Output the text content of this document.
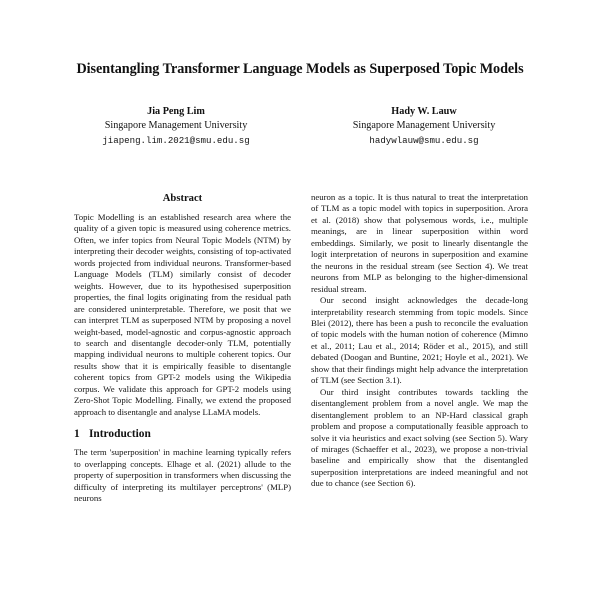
Disentangling Transformer Language Models as Superposed Topic Models
Jia Peng Lim
Singapore Management University
jiapeng.lim.2021@smu.edu.sg
Hady W. Lauw
Singapore Management University
hadywlauw@smu.edu.sg
Abstract

Topic Modelling is an established research area where the quality of a given topic is measured using coherence metrics. Often, we infer topics from Neural Topic Models (NTM) by interpreting their decoder weights, consisting of top-activated words projected from individual neurons. Transformer-based Language Models (TLM) similarly consist of decoder weights. However, due to its hypothesised superposition properties, the final logits originating from the residual path are considered uninterpretable. Therefore, we posit that we can interpret TLM as superposed NTM by proposing a novel weight-based, model-agnostic and corpus-agnostic approach to search and disentangle decoder-only TLM, potentially mapping individual neurons to multiple coherent topics. Our results show that it is empirically feasible to disentangle coherent topics from GPT-2 models using the Wikipedia corpus. We validate this approach for GPT-2 models using Zero-Shot Topic Modelling. Finally, we extend the proposed approach to disentangle and analyse LLaMA models.

1 Introduction

The term 'superposition' in machine learning typically refers to overlapping concepts. Elhage et al. (2021) allude to the property of superposition in transformers when discussing the difficulty of interpreting its multilayer perceptrons' (MLP) neurons

neuron as a topic. It is thus natural to treat the interpretation of TLM as a topic model with topics in superposition. Arora et al. (2018) show that polysemous words, i.e., multiple meanings, are in linear superposition within word embeddings. Similarly, we posit to linearly disentangle the logit interpretation of neurons in superposition and examine the neurons in the residual stream (see Section 4). We treat neurons from MLP as belonging to the higher-dimensional residual stream.

Our second insight acknowledges the decade-long interpretability research stemming from topic models. Since Blei (2012), there has been a push to reconcile the evaluation of topic models with the human notion of coherence (Mimno et al., 2011; Lau et al., 2014; Röder et al., 2015), and still debated (Doogan and Buntine, 2021; Hoyle et al., 2021). We show that their findings might help advance the interpretation of TLM (see Section 3.1).

Our third insight contributes towards tackling the disentanglement problem from a novel angle. We map the disentanglement problem to an NP-Hard classical graph problem and propose a computationally feasible approach to solve it via heuristics and exact solving (see Section 5). Wary of mirages (Schaeffer et al., 2023), we propose a non-trivial baseline and empirically show that the disentangled superposition interpretations are indeed meaningful and not due to chance (see Section 6).
